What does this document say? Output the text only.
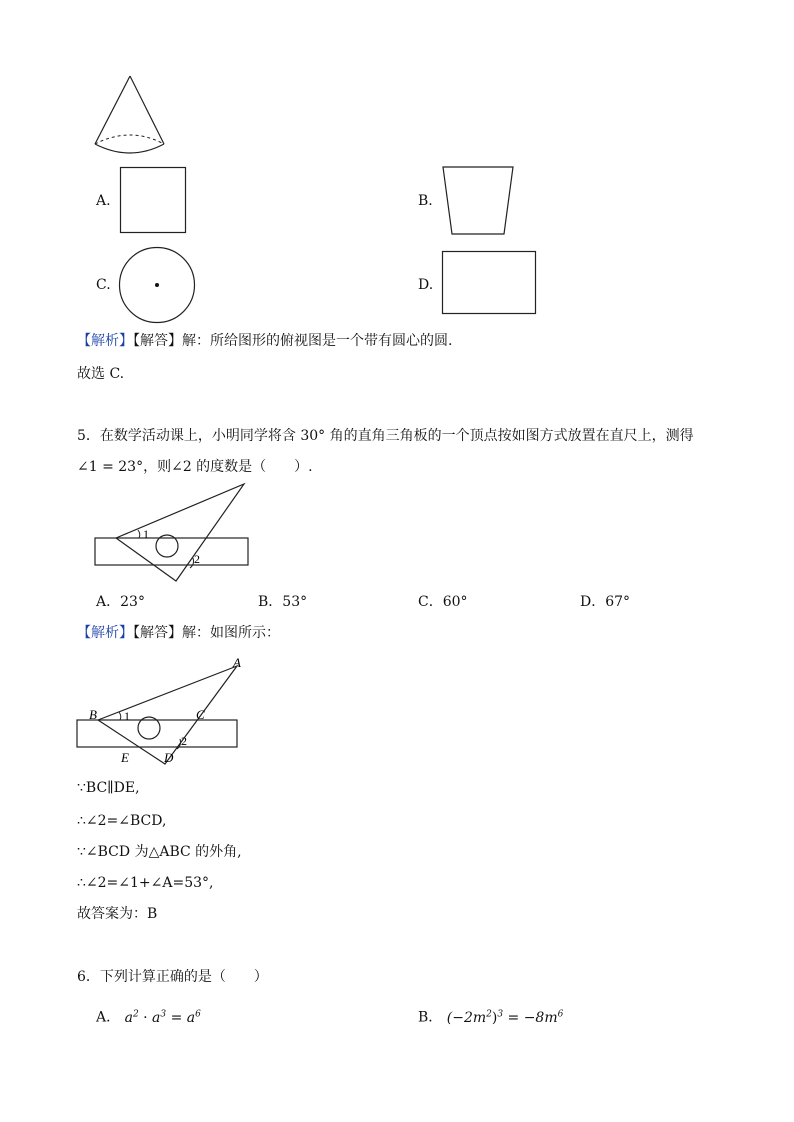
A.	B.
C.	D.
【解析】【解答】解：所给图形的俯视图是一个带有圆心的圆.
故选 C.
5．在数学活动课上，小明同学将含 30° 角的直角三角板的一个顶点按如图方式放置在直尺上，测得
∠1 = 23°，则∠2 的度数是（　　）.
1
2
A．23°	B．53°	C．60°	D．67°
【解析】【解答】解：如图所示：
A
B	C
D
E
1
2
∵BC∥DE,
∴∠2=∠BCD,
∵∠BCD 为△ABC 的外角,
∴∠2=∠1+∠A=53°,
故答案为：B
6．下列计算正确的是（　　）
A． $a^2 \cdot a^3 = a^6$	B． $(-2m^2)^3 = -8m^6$
